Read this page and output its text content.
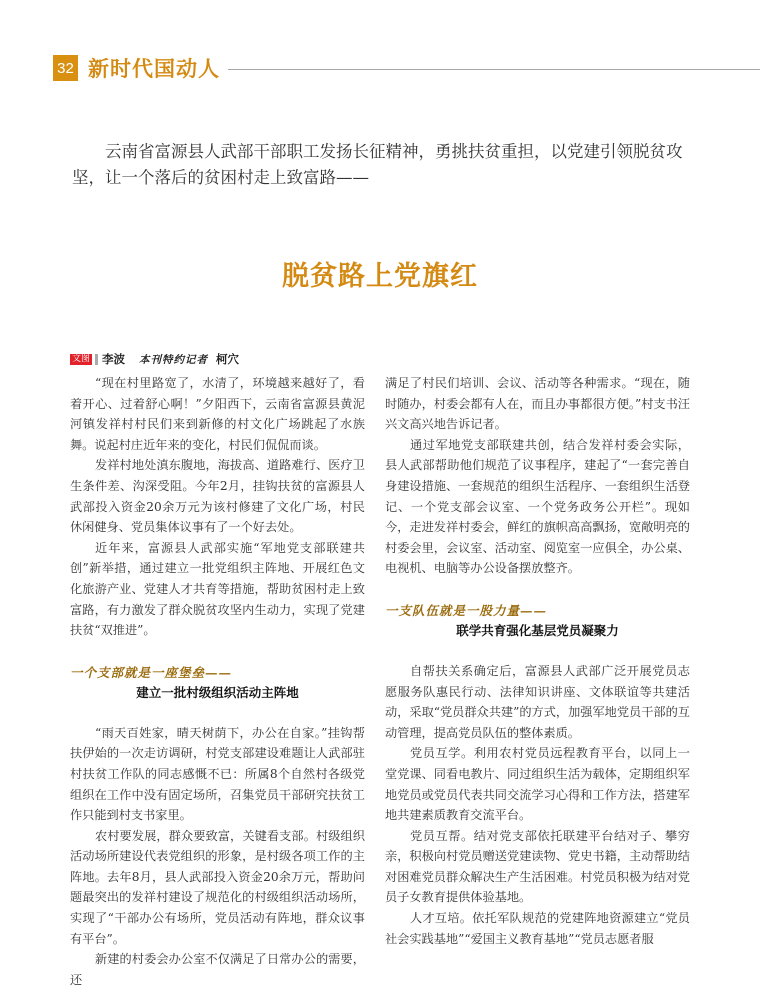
32 新时代国动人
云南省富源县人武部干部职工发扬长征精神，勇挑扶贫重担，以党建引领脱贫攻坚，让一个落后的贫困村走上致富路——
脱贫路上党旗红
文图 李波 本刊特约记者 柯穴

“现在村里路宽了，水清了，环境越来越好了，看着开心、过着舒心啊！”夕阳西下，云南省富源县黄泥河镇发祥村村民们来到新修的村文化广场跳起了水族舞。说起村庄近年来的变化，村民们侃侃而谈。

发祥村地处滇东腹地，海拔高、道路难行、医疗卫生条件差、沟深受阻。今年2月，挂钩扶贫的富源县人武部投入资金20余万元为该村修建了文化广场，村民休闲健身、党员集体议事有了一个好去处。

近年来，富源县人武部实施“军地党支部联建共创”新举措，通过建立一批党组织主阵地、开展红色文化旅游产业、党建人才共育等措施，帮助贫困村走上致富路，有力激发了群众脱贫攻坚内生动力，实现了党建扶贫“双推进”。

一个支部就是一座堡垒——
建立一批村级组织活动主阵地

“雨天百姓家，晴天树荫下，办公在自家。”挂钩帮扶伊始的一次走访调研，村党支部建设难题让人武部驻村扶贫工作队的同志感慨不已：所属8个自然村各级党组织在工作中没有固定场所，召集党员干部研究扶贫工作只能到村支书家里。

农村要发展，群众要致富，关键看支部。村级组织活动场所建设代表党组织的形象，是村级各项工作的主阵地。去年8月，县人武部投入资金20余万元，帮助问题最突出的发祥村建设了规范化的村级组织活动场所，实现了“干部办公有场所，党员活动有阵地，群众议事有平台”。

新建的村委会办公室不仅满足了日常办公的需要，还

满足了村民们培训、会议、活动等各种需求。“现在，随时随办，村委会都有人在，而且办事都很方便。”村支书汪兴文高兴地告诉记者。

通过军地党支部联建共创，结合发祥村委会实际，县人武部帮助他们规范了议事程序，建起了“一套完善自身建设措施、一套规范的组织生活程序、一套组织生活登记、一个党支部会议室、一个党务政务公开栏”。现如今，走进发祥村委会，鲜红的旗帜高高飘扬，宽敞明亮的村委会里，会议室、活动室、阅览室一应俱全，办公桌、电视机、电脑等办公设备摆放整齐。

一支队伍就是一股力量——
联学共育强化基层党员凝聚力

自帮扶关系确定后，富源县人武部广泛开展党员志愿服务队惠民行动、法律知识讲座、文体联谊等共建活动，采取“党员群众共建”的方式，加强军地党员干部的互动管理，提高党员队伍的整体素质。

党员互学。利用农村党员远程教育平台，以同上一堂党课、同看电教片、同过组织生活为载体，定期组织军地党员或党员代表共同交流学习心得和工作方法，搭建军地共建素质教育交流平台。

党员互帮。结对党支部依托联建平台结对子、攀穷亲，积极向村党员赠送党建读物、党史书籍，主动帮助结对困难党员群众解决生产生活困难。村党员积极为结对党员子女教育提供体验基地。

人才互培。依托军队规范的党建阵地资源建立“党员社会实践基地”“爱国主义教育基地”“党员志愿者服
